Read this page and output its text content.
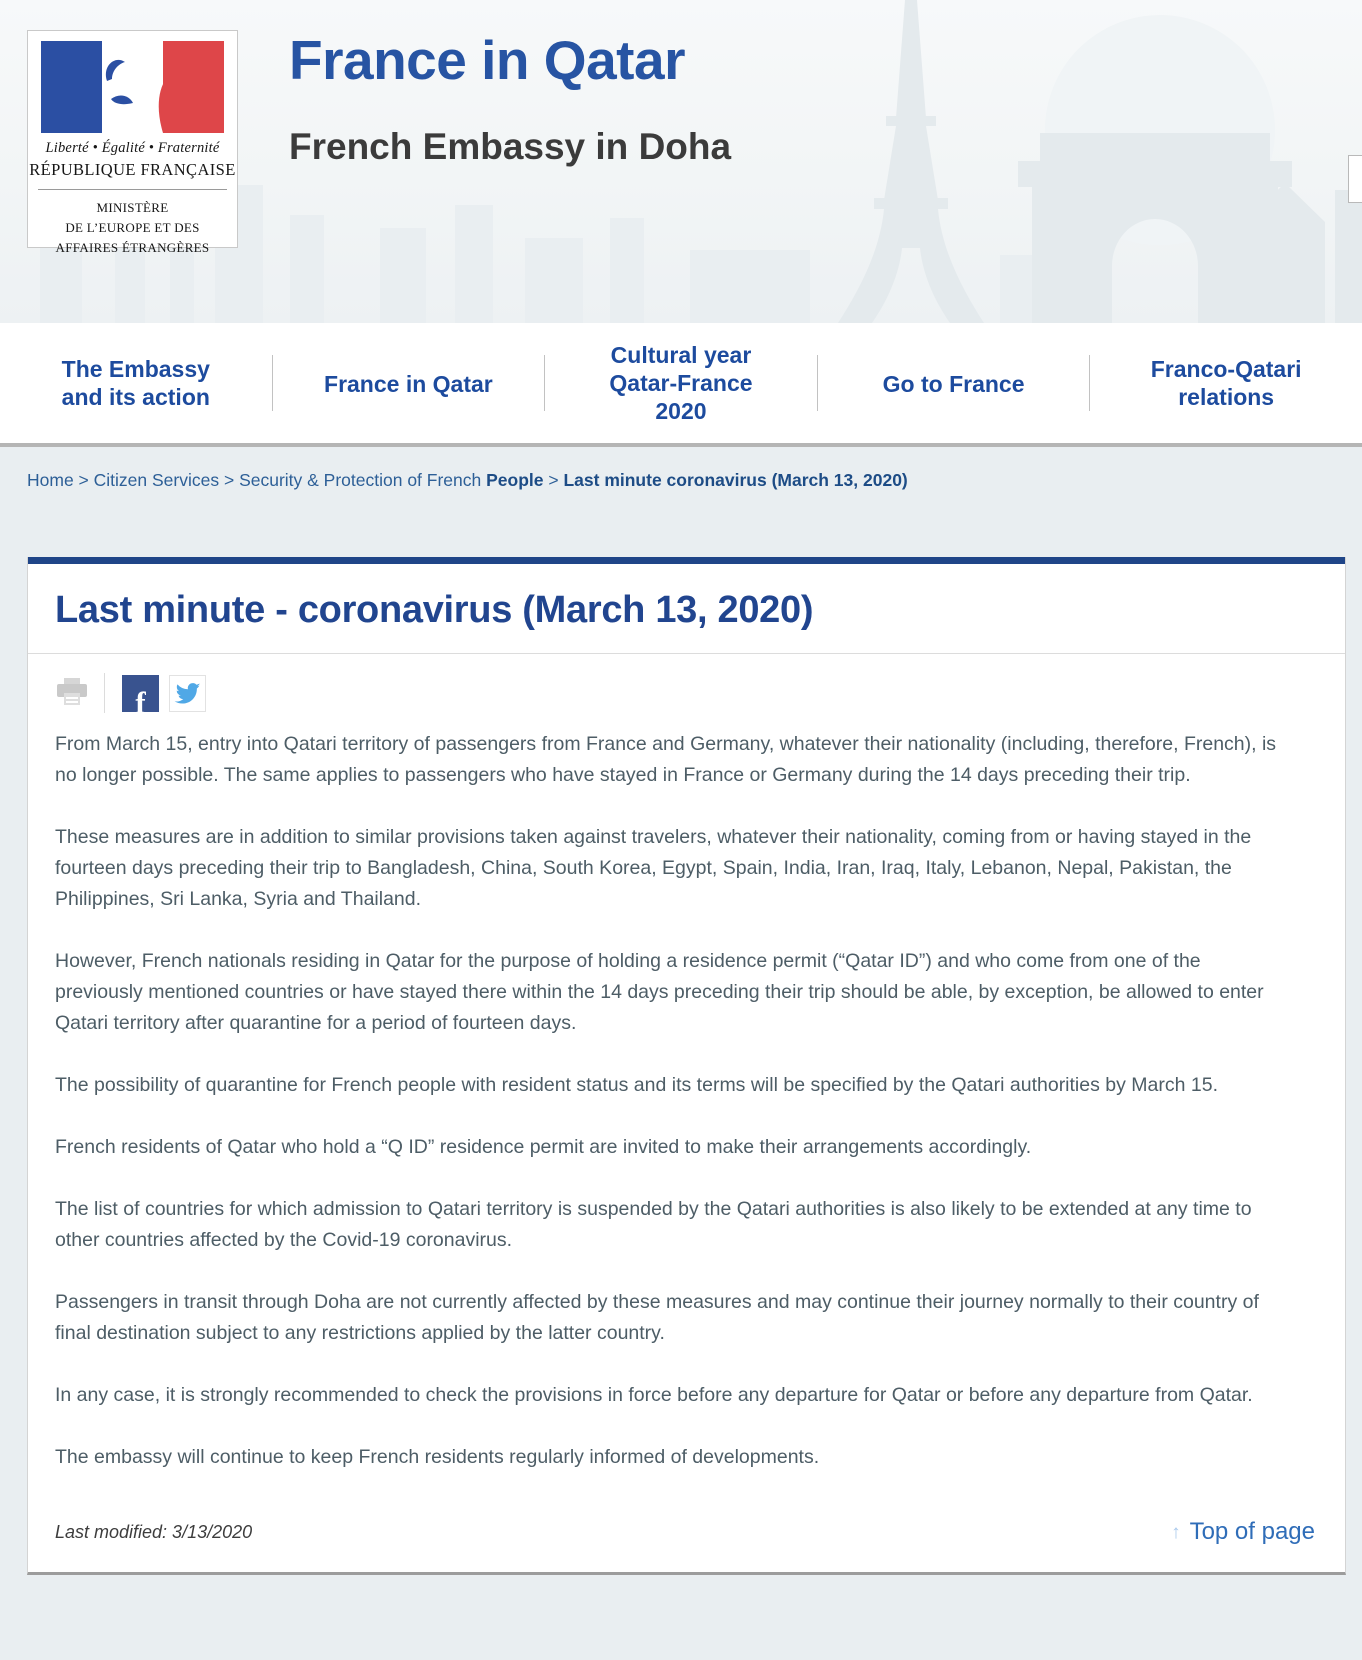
Liberté • Égalité • Fraternité
RÉPUBLIQUE FRANÇAISE
MINISTÈRE
DE L’EUROPE ET DES
AFFAIRES ÉTRANGÈRES
France in Qatar
French Embassy in Doha
The Embassy and its action
France in Qatar
Cultural year Qatar-France 2020
Go to France
Franco-Qatari relations
Home > Citizen Services > Security & Protection of French People > Last minute coronavirus (March 13, 2020)
Last minute - coronavirus (March 13, 2020)
f

From March 15, entry into Qatari territory of passengers from France and Germany, whatever their nationality (including, therefore, French), is no longer possible. The same applies to passengers who have stayed in France or Germany during the 14 days preceding their trip.

These measures are in addition to similar provisions taken against travelers, whatever their nationality, coming from or having stayed in the fourteen days preceding their trip to Bangladesh, China, South Korea, Egypt, Spain, India, Iran, Iraq, Italy, Lebanon, Nepal, Pakistan, the Philippines, Sri Lanka, Syria and Thailand.

However, French nationals residing in Qatar for the purpose of holding a residence permit (“Qatar ID”) and who come from one of the previously mentioned countries or have stayed there within the 14 days preceding their trip should be able, by exception, be allowed to enter Qatari territory after quarantine for a period of fourteen days.

The possibility of quarantine for French people with resident status and its terms will be specified by the Qatari authorities by March 15.

French residents of Qatar who hold a “Q ID” residence permit are invited to make their arrangements accordingly.

The list of countries for which admission to Qatari territory is suspended by the Qatari authorities is also likely to be extended at any time to other countries affected by the Covid-19 coronavirus.

Passengers in transit through Doha are not currently affected by these measures and may continue their journey normally to their country of final destination subject to any restrictions applied by the latter country.

In any case, it is strongly recommended to check the provisions in force before any departure for Qatar or before any departure from Qatar.

The embassy will continue to keep French residents regularly informed of developments.

Last modified: 3/13/2020	↑ Top of page
